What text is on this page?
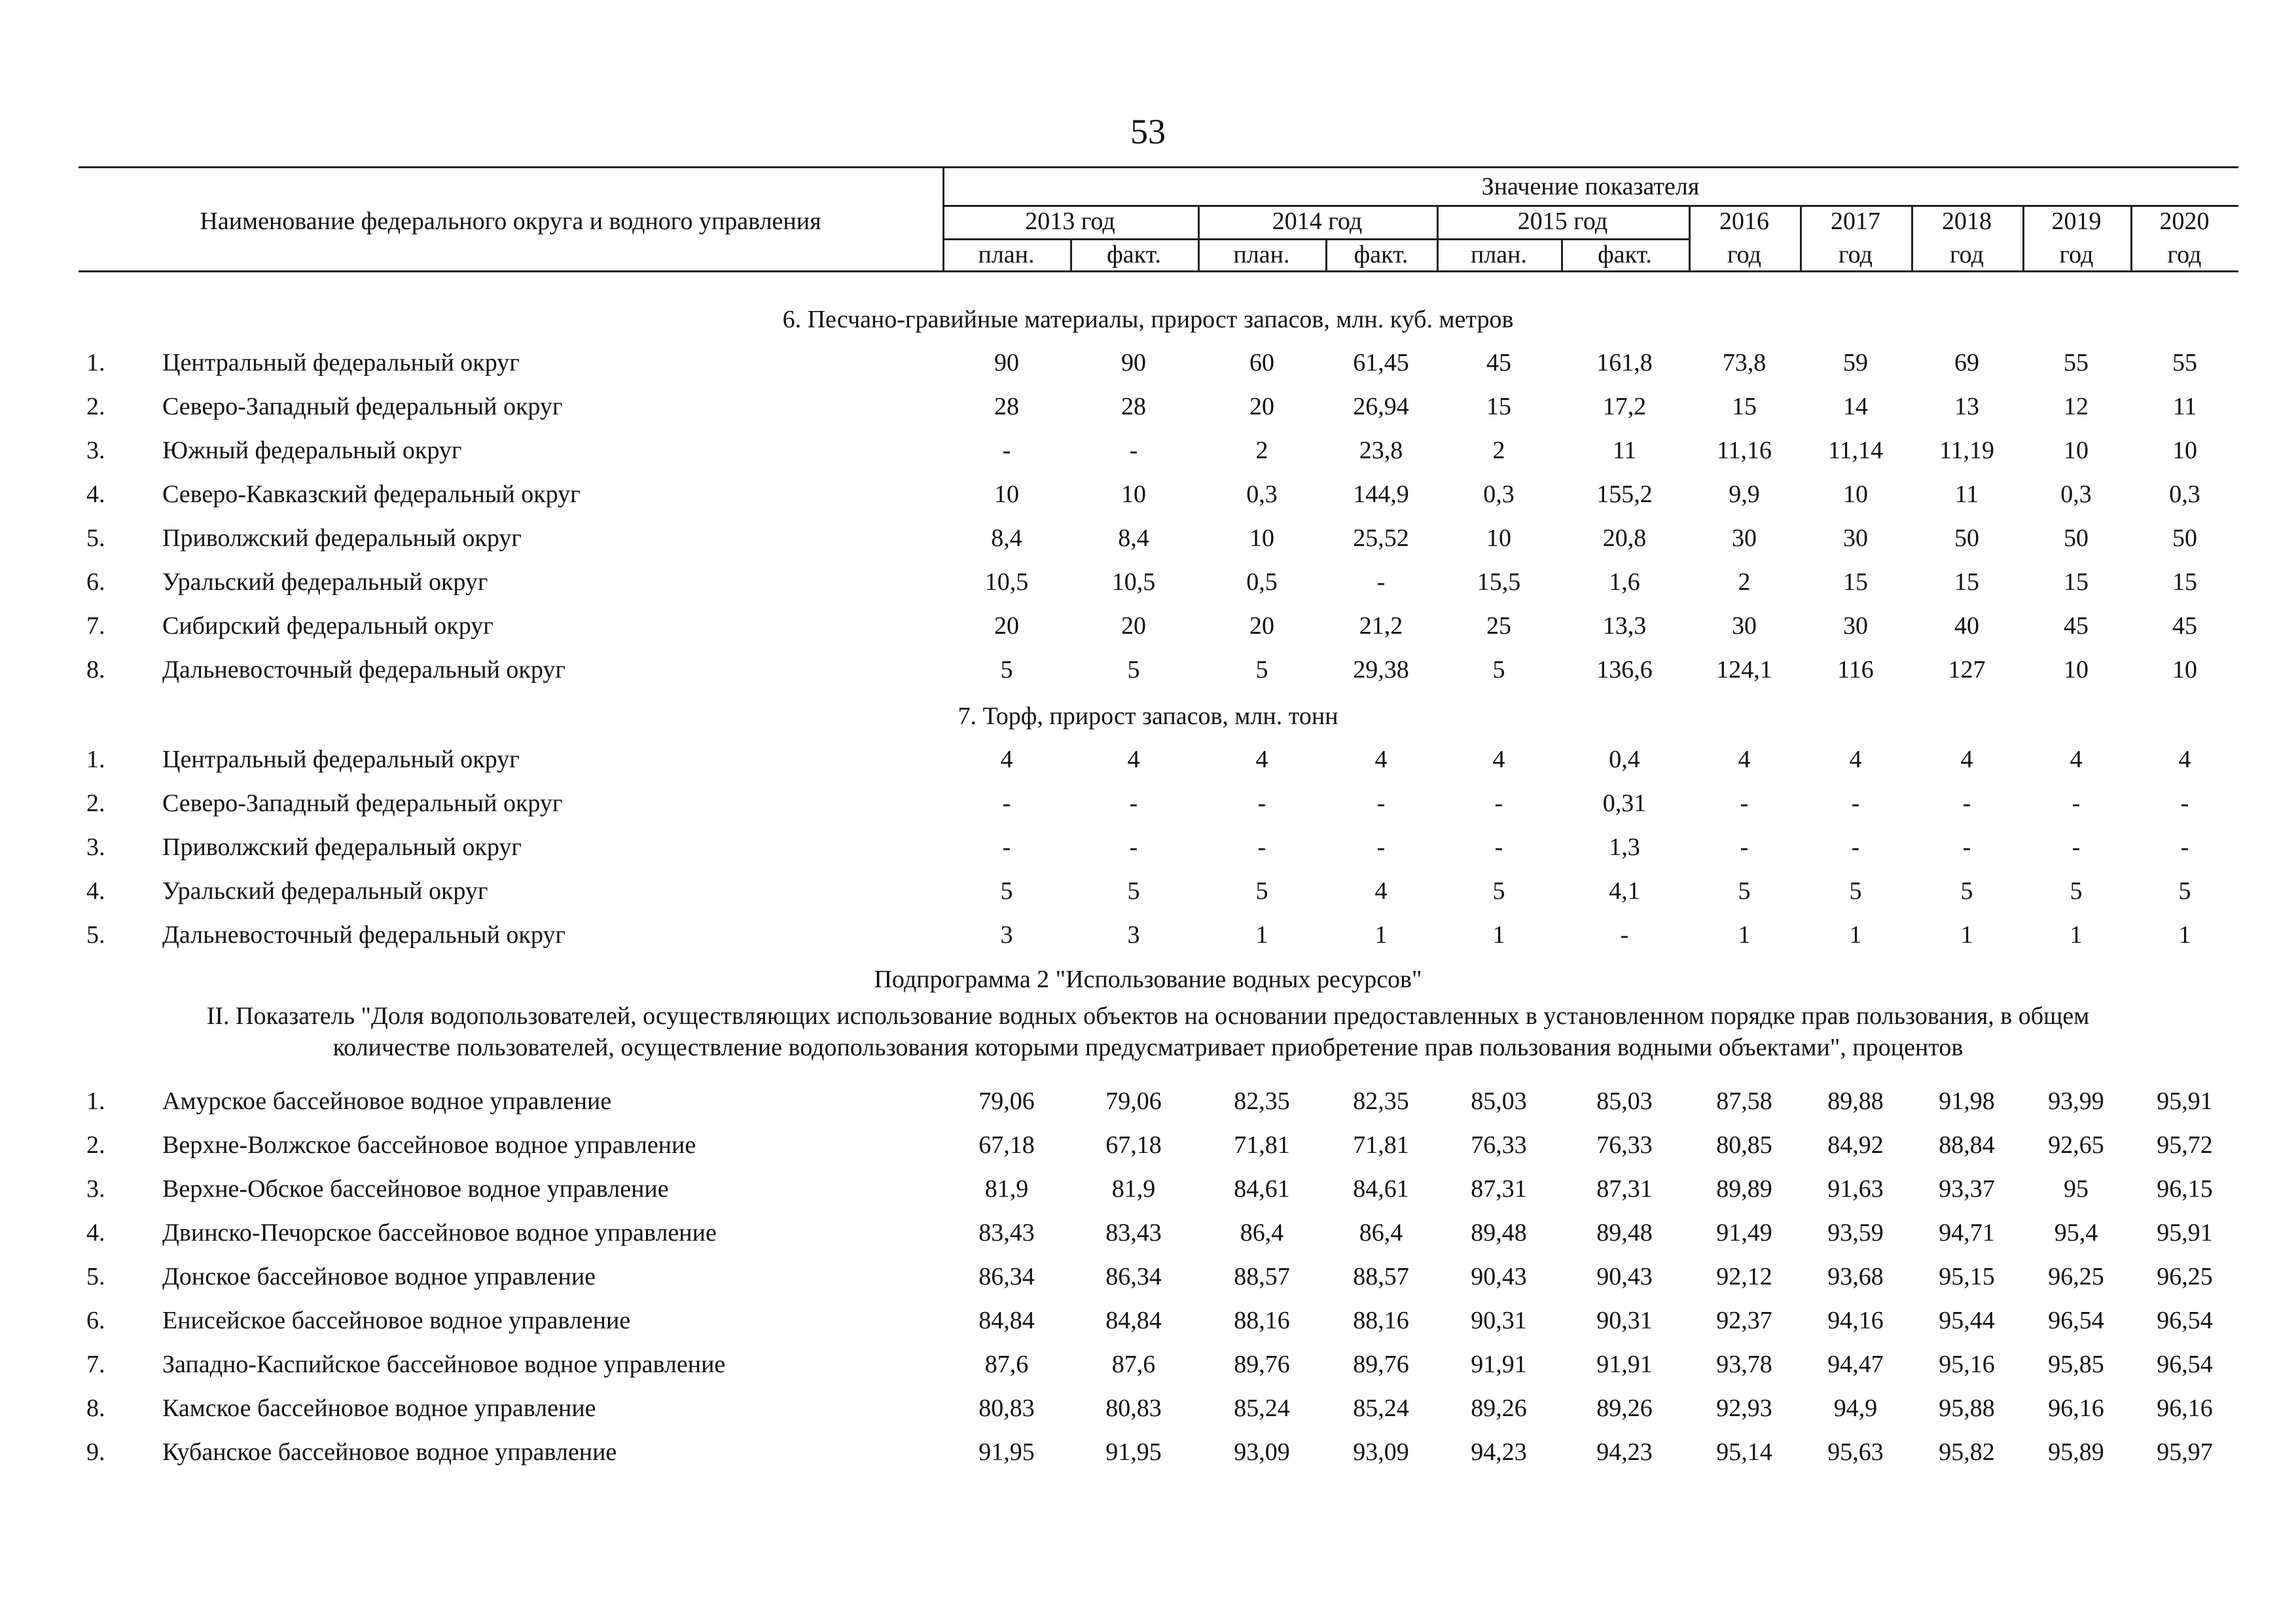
53
Наименование федерального округа и водного управления
Значение показателя
2013 год	2014 год	2015 год	2016	2017	2018	2019	2020
план.	факт.	план.	факт.	план.	факт.	год	год	год	год	год
6. Песчано-гравийные материалы, прирост запасов, млн. куб. метров
7. Торф, прирост запасов, млн. тонн
Подпрограмма 2 "Использование водных ресурсов"
II. Показатель "Доля водопользователей, осуществляющих использование водных объектов на основании предоставленных в установленном порядке прав пользования, в общем
количестве пользователей, осуществление водопользования которыми предусматривает приобретение прав пользования водными объектами", процентов
1. Центральный федеральный округ	90	90	60	61,45	45	161,8	73,8	59	69	55	55
2. Северо-Западный федеральный округ	28	28	20	26,94	15	17,2	15	14	13	12	11
3. Южный федеральный округ	-	-	2	23,8	2	11	11,16	11,14	11,19	10	10
4. Северо-Кавказский федеральный округ	10	10	0,3	144,9	0,3	155,2	9,9	10	11	0,3	0,3
5. Приволжский федеральный округ	8,4	8,4	10	25,52	10	20,8	30	30	50	50	50
6. Уральский федеральный округ	10,5	10,5	0,5	-	15,5	1,6	2	15	15	15	15
7. Сибирский федеральный округ	20	20	20	21,2	25	13,3	30	30	40	45	45
8. Дальневосточный федеральный округ	5	5	5	29,38	5	136,6	124,1	116	127	10	10
1. Центральный федеральный округ	4	4	4	4	4	0,4	4	4	4	4	4
2. Северо-Западный федеральный округ	-	-	-	-	-	0,31	-	-	-	-	-
3. Приволжский федеральный округ	-	-	-	-	-	1,3	-	-	-	-	-
4. Уральский федеральный округ	5	5	5	4	5	4,1	5	5	5	5	5
5. Дальневосточный федеральный округ	3	3	1	1	1	-	1	1	1	1	1
1. Амурское бассейновое водное управление	79,06	79,06	82,35	82,35	85,03	85,03	87,58	89,88	91,98	93,99	95,91
2. Верхне-Волжское бассейновое водное управление	67,18	67,18	71,81	71,81	76,33	76,33	80,85	84,92	88,84	92,65	95,72
3. Верхне-Обское бассейновое водное управление	81,9	81,9	84,61	84,61	87,31	87,31	89,89	91,63	93,37	95	96,15
4. Двинско-Печорское бассейновое водное управление	83,43	83,43	86,4	86,4	89,48	89,48	91,49	93,59	94,71	95,4	95,91
5. Донское бассейновое водное управление	86,34	86,34	88,57	88,57	90,43	90,43	92,12	93,68	95,15	96,25	96,25
6. Енисейское бассейновое водное управление	84,84	84,84	88,16	88,16	90,31	90,31	92,37	94,16	95,44	96,54	96,54
7. Западно-Каспийское бассейновое водное управление	87,6	87,6	89,76	89,76	91,91	91,91	93,78	94,47	95,16	95,85	96,54
8. Камское бассейновое водное управление	80,83	80,83	85,24	85,24	89,26	89,26	92,93	94,9	95,88	96,16	96,16
9. Кубанское бассейновое водное управление	91,95	91,95	93,09	93,09	94,23	94,23	95,14	95,63	95,82	95,89	95,97
